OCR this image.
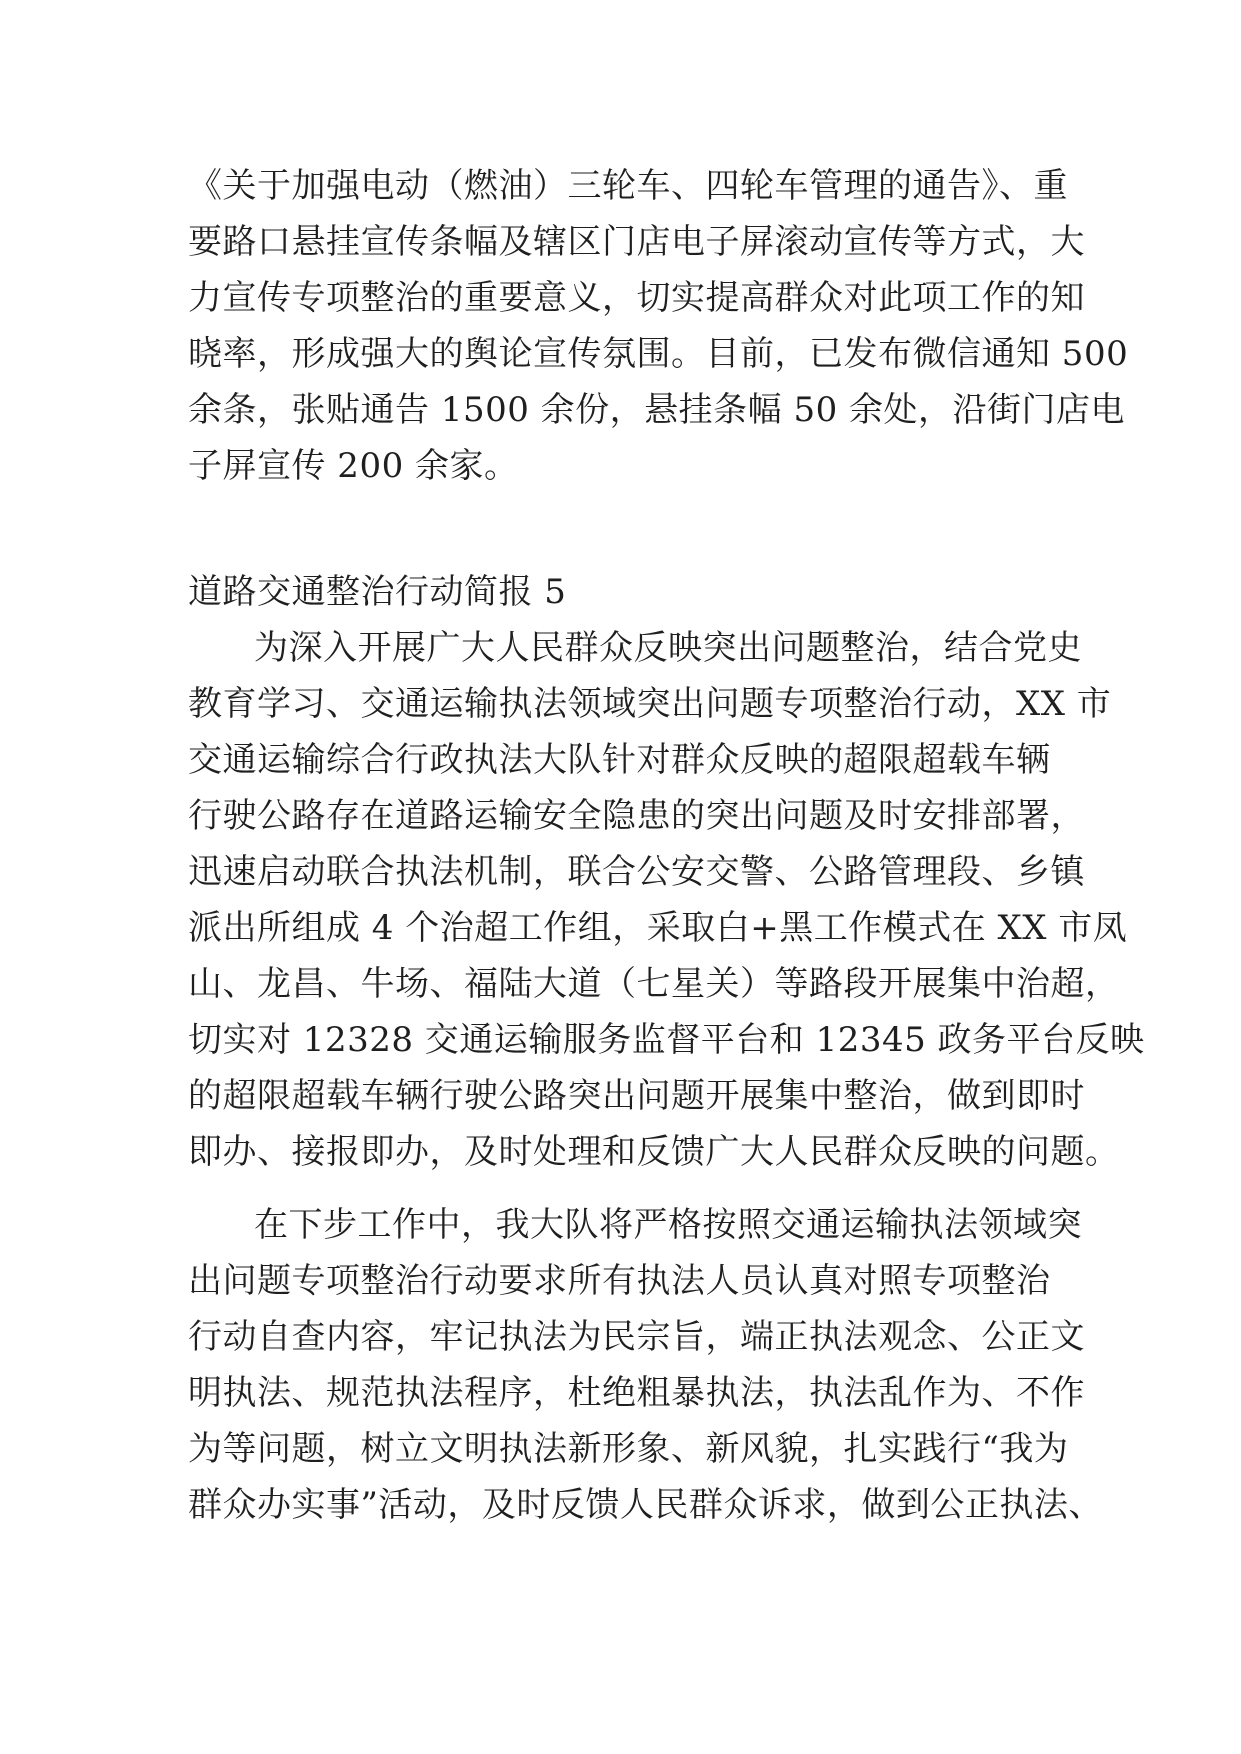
《关于加强电动（燃油）三轮车、四轮车管理的通告》、重
要路口悬挂宣传条幅及辖区门店电子屏滚动宣传等方式，大
力宣传专项整治的重要意义，切实提高群众对此项工作的知
晓率，形成强大的舆论宣传氛围。目前，已发布微信通知 500
余条，张贴通告 1500 余份，悬挂条幅 50 余处，沿街门店电
子屏宣传 200 余家。
道路交通整治行动简报 5
为深入开展广大人民群众反映突出问题整治，结合党史
教育学习、交通运输执法领域突出问题专项整治行动，XX 市
交通运输综合行政执法大队针对群众反映的超限超载车辆
行驶公路存在道路运输安全隐患的突出问题及时安排部署，
迅速启动联合执法机制，联合公安交警、公路管理段、乡镇
派出所组成 4 个治超工作组，采取白+黑工作模式在 XX 市凤
山、龙昌、牛场、福陆大道（七星关）等路段开展集中治超，
切实对 12328 交通运输服务监督平台和 12345 政务平台反映
的超限超载车辆行驶公路突出问题开展集中整治，做到即时
即办、接报即办，及时处理和反馈广大人民群众反映的问题。
在下步工作中，我大队将严格按照交通运输执法领域突
出问题专项整治行动要求所有执法人员认真对照专项整治
行动自查内容，牢记执法为民宗旨，端正执法观念、公正文
明执法、规范执法程序，杜绝粗暴执法，执法乱作为、不作
为等问题，树立文明执法新形象、新风貌，扎实践行“我为
群众办实事”活动，及时反馈人民群众诉求，做到公正执法、
